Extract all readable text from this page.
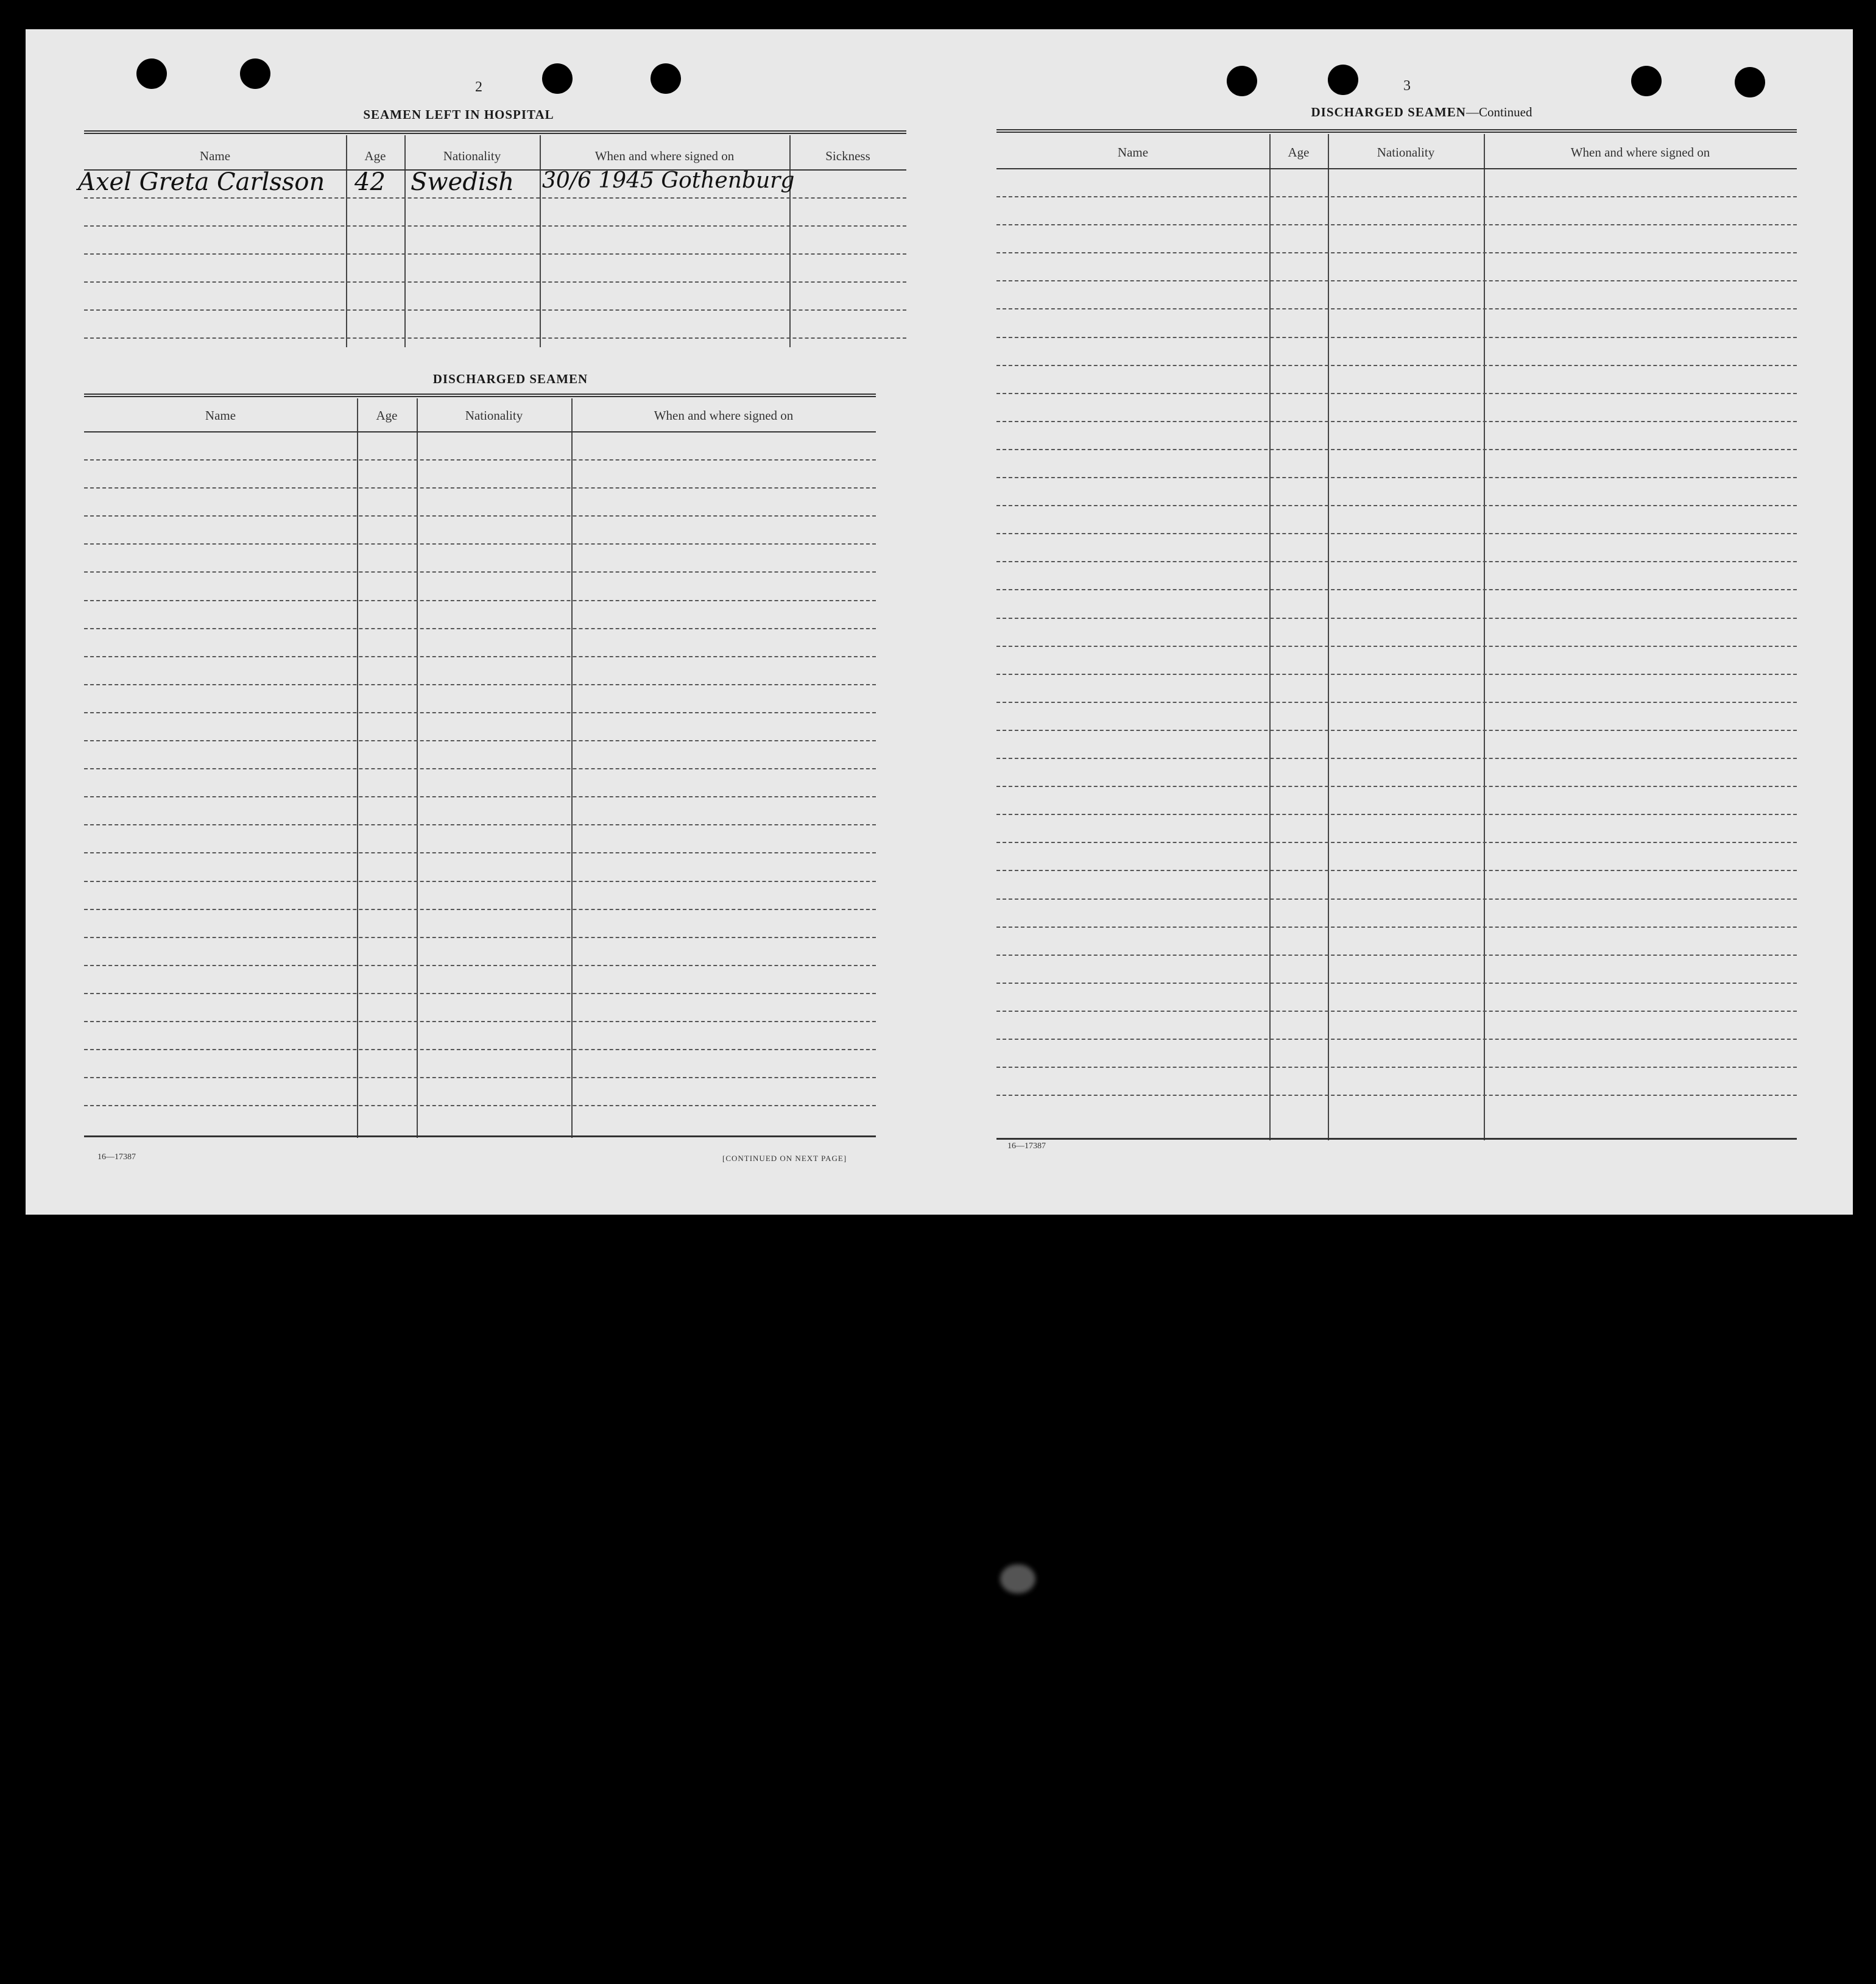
2
SEAMEN LEFT IN HOSPITAL
Name	Age	Nationality	When and where signed on	Sickness
Axel Greta Carlsson 42 Swedish 30/6 1945 Gothenburg
DISCHARGED SEAMEN
Name	Age	Nationality	When and where signed on
16—17387	[CONTINUED ON NEXT PAGE]
3
DISCHARGED SEAMEN—Continued
Name	Age	Nationality	When and where signed on
16—17387
